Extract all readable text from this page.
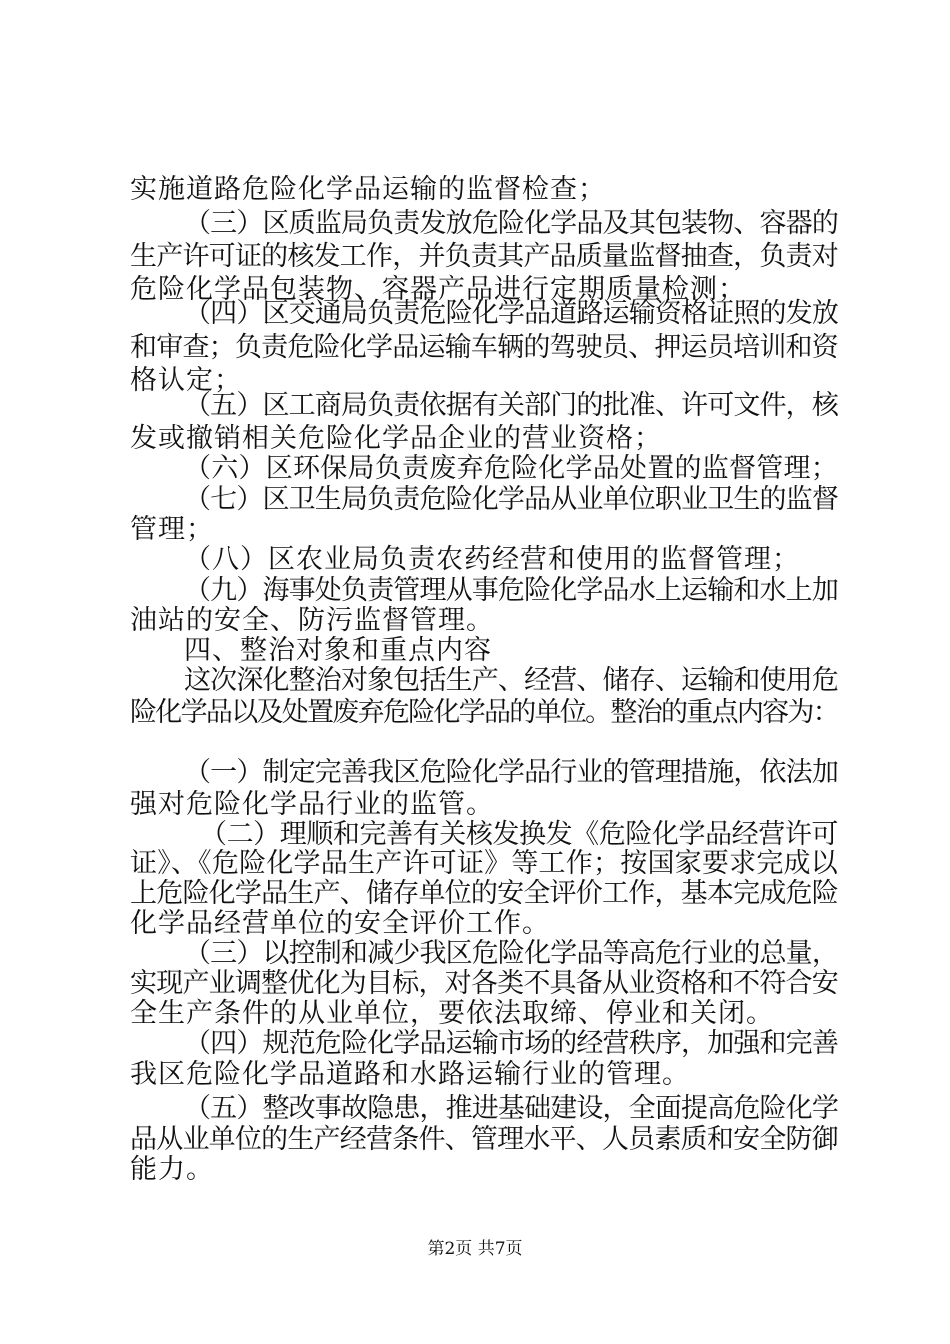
实施道路危险化学品运输的监督检查；
（三）区质监局负责发放危险化学品及其包装物、容器的
生产许可证的核发工作，并负责其产品质量监督抽查，负责对
危险化学品包装物、容器产品进行定期质量检测；
（四）区交通局负责危险化学品道路运输资格证照的发放
和审查；负责危险化学品运输车辆的驾驶员、押运员培训和资
格认定；
（五）区工商局负责依据有关部门的批准、许可文件，核
发或撤销相关危险化学品企业的营业资格；
（六）区环保局负责废弃危险化学品处置的监督管理；
（七）区卫生局负责危险化学品从业单位职业卫生的监督
管理；
（八）区农业局负责农药经营和使用的监督管理；
（九）海事处负责管理从事危险化学品水上运输和水上加
油站的安全、防污监督管理。
四、整治对象和重点内容
这次深化整治对象包括生产、经营、储存、运输和使用危
险化学品以及处置废弃危险化学品的单位。整治的重点内容为：
（一）制定完善我区危险化学品行业的管理措施，依法加
强对危险化学品行业的监管。
（二）理顺和完善有关核发换发《危险化学品经营许可
证》、《危险化学品生产许可证》等工作；按国家要求完成以
上危险化学品生产、储存单位的安全评价工作，基本完成危险
化学品经营单位的安全评价工作。
（三）以控制和减少我区危险化学品等高危行业的总量，
实现产业调整优化为目标，对各类不具备从业资格和不符合安
全生产条件的从业单位，要依法取缔、停业和关闭。
（四）规范危险化学品运输市场的经营秩序，加强和完善
我区危险化学品道路和水路运输行业的管理。
（五）整改事故隐患，推进基础建设，全面提高危险化学
品从业单位的生产经营条件、管理水平、人员素质和安全防御
能力。
第2页 共7页
